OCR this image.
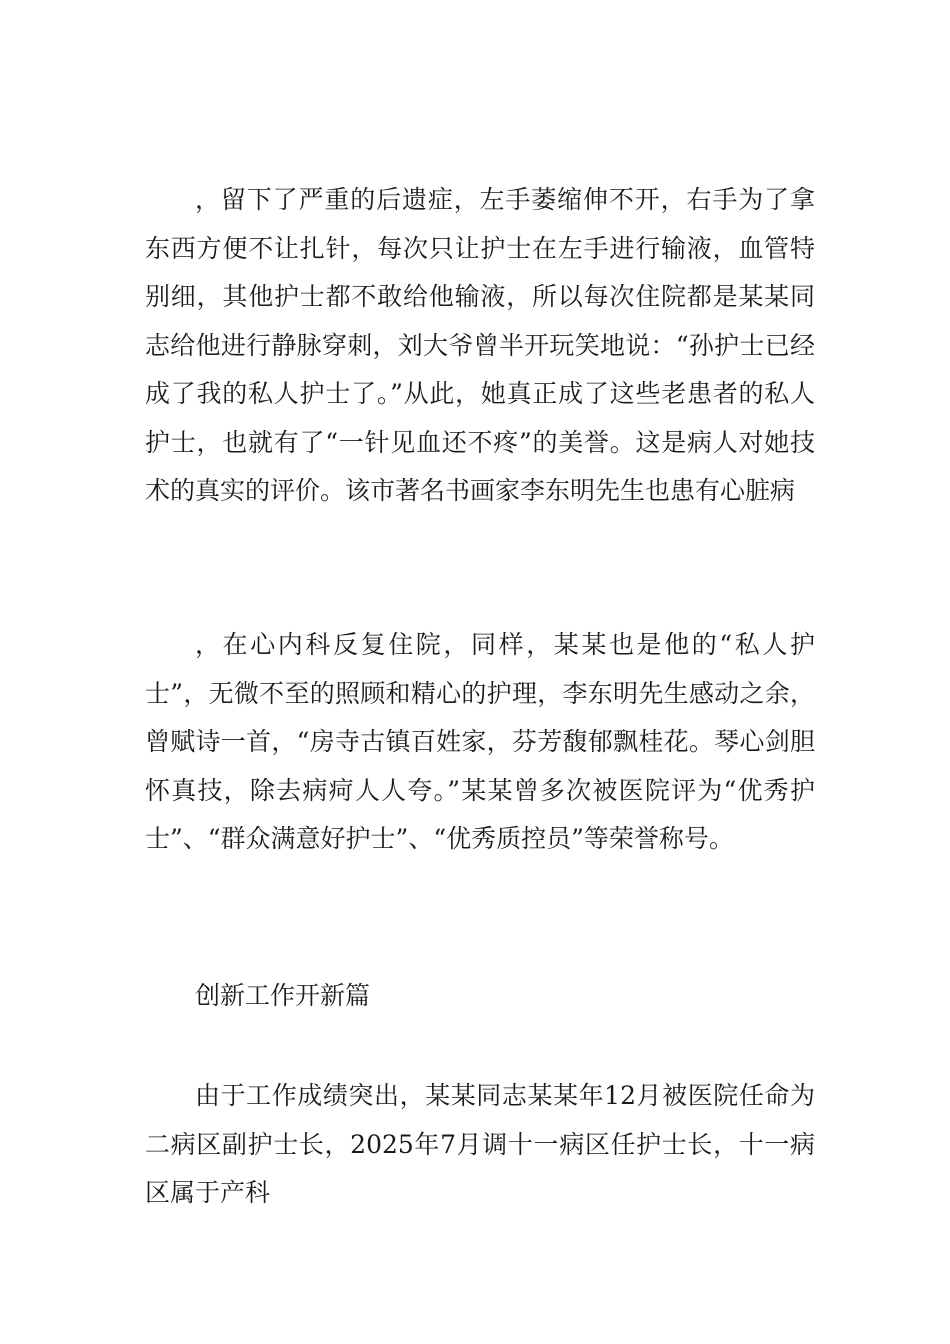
，留下了严重的后遗症，左手萎缩伸不开，右手为了拿东西方便不让扎针，每次只让护士在左手进行输液，血管特别细，其他护士都不敢给他输液，所以每次住院都是某某同志给他进行静脉穿刺，刘大爷曾半开玩笑地说：“孙护士已经成了我的私人护士了。”从此，她真正成了这些老患者的私人护士，也就有了“一针见血还不疼”的美誉。这是病人对她技术的真实的评价。该市著名书画家李东明先生也患有心脏病

，在心内科反复住院，同样，某某也是他的“私人护士”，无微不至的照顾和精心的护理，李东明先生感动之余，曾赋诗一首，“房寺古镇百姓家，芬芳馥郁飘桂花。琴心剑胆怀真技，除去病疴人人夸。”某某曾多次被医院评为“优秀护士”、“群众满意好护士”、“优秀质控员”等荣誉称号。

创新工作开新篇

由于工作成绩突出，某某同志某某年12月被医院任命为二病区副护士长，2025年7月调十一病区任护士长，十一病区属于产科
